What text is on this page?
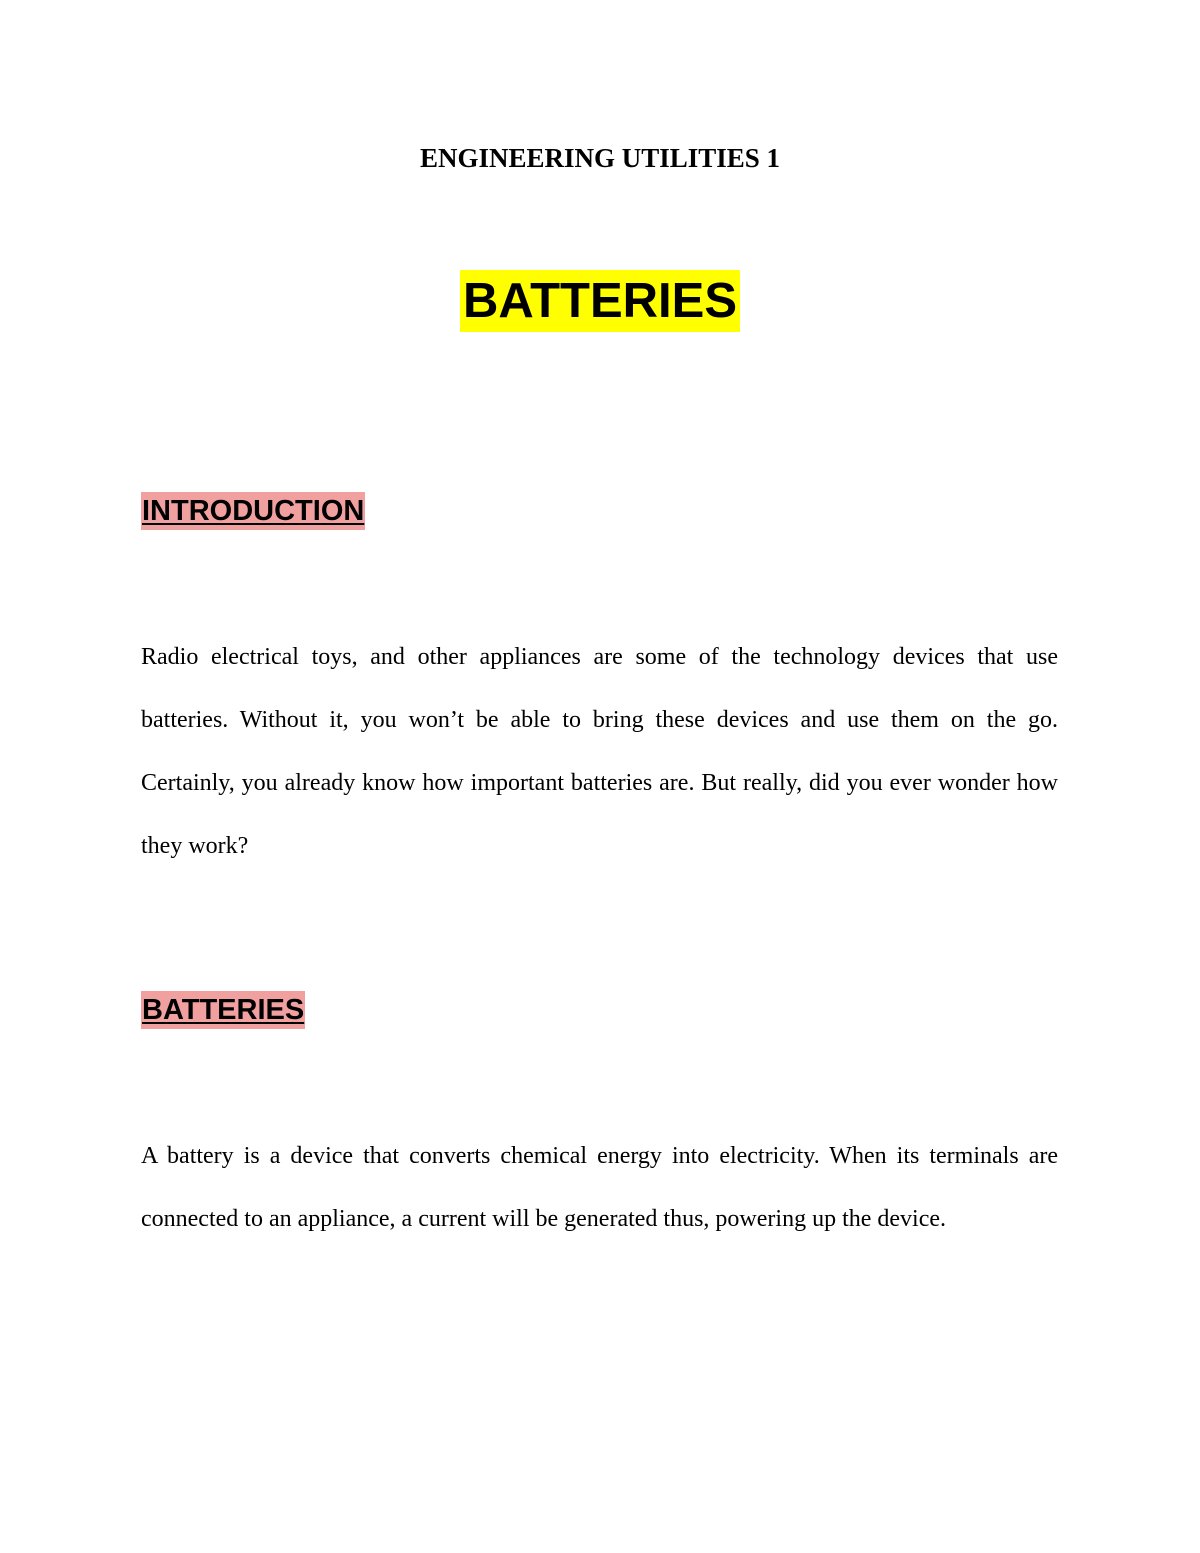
ENGINEERING UTILITIES 1
BATTERIES
INTRODUCTION

Radio electrical toys, and other appliances are some of the technology devices that use batteries. Without it, you won’t be able to bring these devices and use them on the go. Certainly, you already know how important batteries are. But really, did you ever wonder how they work?

BATTERIES

A battery is a device that converts chemical energy into electricity. When its terminals are connected to an appliance, a current will be generated thus, powering up the device.
